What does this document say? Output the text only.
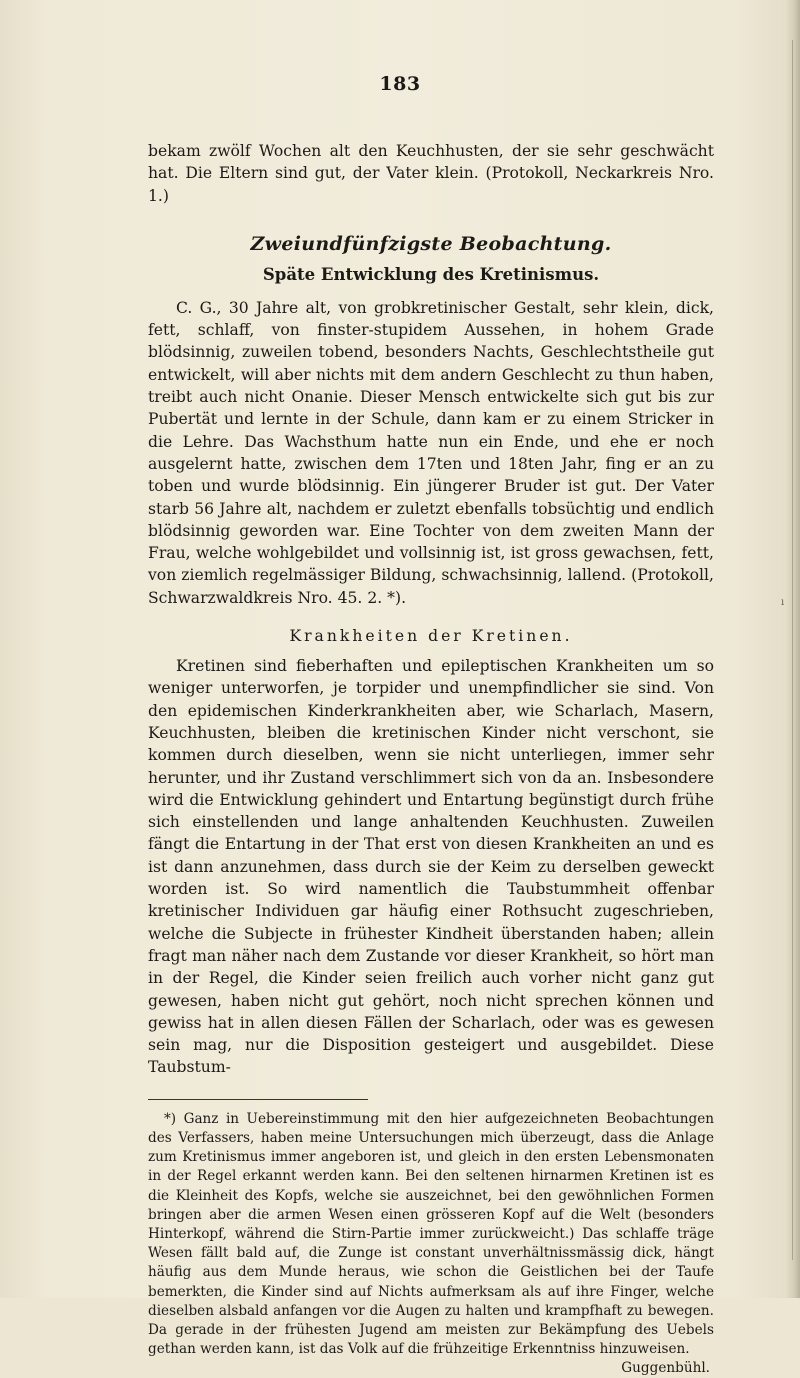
183

bekam zwölf Wochen alt den Keuchhusten, der sie sehr geschwächt hat. Die Eltern sind gut, der Vater klein. (Protokoll, Neckarkreis Nro. 1.)

Zweiundfünfzigste Beobachtung.
Späte Entwicklung des Kretinismus.

C. G., 30 Jahre alt, von grobkretinischer Gestalt, sehr klein, dick, fett, schlaff, von finster-stupidem Aussehen, in hohem Grade blödsinnig, zuweilen tobend, besonders Nachts, Geschlechtstheile gut entwickelt, will aber nichts mit dem andern Geschlecht zu thun haben, treibt auch nicht Onanie. Dieser Mensch entwickelte sich gut bis zur Pubertät und lernte in der Schule, dann kam er zu einem Stricker in die Lehre. Das Wachsthum hatte nun ein Ende, und ehe er noch ausgelernt hatte, zwischen dem 17ten und 18ten Jahr, fing er an zu toben und wurde blödsinnig. Ein jüngerer Bruder ist gut. Der Vater starb 56 Jahre alt, nachdem er zuletzt ebenfalls tobsüchtig und endlich blödsinnig geworden war. Eine Tochter von dem zweiten Mann der Frau, welche wohlgebildet und vollsinnig ist, ist gross gewachsen, fett, von ziemlich regelmässiger Bildung, schwachsinnig, lallend. (Protokoll, Schwarzwaldkreis Nro. 45. 2. *).

Krankheiten der Kretinen.

Kretinen sind fieberhaften und epileptischen Krankheiten um so weniger unterworfen, je torpider und unempfindlicher sie sind. Von den epidemischen Kinderkrankheiten aber, wie Scharlach, Masern, Keuchhusten, bleiben die kretinischen Kinder nicht verschont, sie kommen durch dieselben, wenn sie nicht unterliegen, immer sehr herunter, und ihr Zustand verschlimmert sich von da an. Insbesondere wird die Entwicklung gehindert und Entartung begünstigt durch frühe sich einstellenden und lange anhaltenden Keuchhusten. Zuweilen fängt die Entartung in der That erst von diesen Krankheiten an und es ist dann anzunehmen, dass durch sie der Keim zu derselben geweckt worden ist. So wird namentlich die Taubstummheit offenbar kretinischer Individuen gar häufig einer Rothsucht zugeschrieben, welche die Subjecte in frühester Kindheit überstanden haben; allein fragt man näher nach dem Zustande vor dieser Krankheit, so hört man in der Regel, die Kinder seien freilich auch vorher nicht ganz gut gewesen, haben nicht gut gehört, noch nicht sprechen können und gewiss hat in allen diesen Fällen der Scharlach, oder was es gewesen sein mag, nur die Disposition gesteigert und ausgebildet. Diese Taubstum-

*) Ganz in Uebereinstimmung mit den hier aufgezeichneten Beobachtungen des Verfassers, haben meine Untersuchungen mich überzeugt, dass die Anlage zum Kretinismus immer angeboren ist, und gleich in den ersten Lebensmonaten in der Regel erkannt werden kann. Bei den seltenen hirnarmen Kretinen ist es die Kleinheit des Kopfs, welche sie auszeichnet, bei den gewöhnlichen Formen bringen aber die armen Wesen einen grösseren Kopf auf die Welt (besonders Hinterkopf, während die Stirn-Partie immer zurückweicht.) Das schlaffe träge Wesen fällt bald auf, die Zunge ist constant unverhältnissmässig dick, hängt häufig aus dem Munde heraus, wie schon die Geistlichen bei der Taufe bemerkten, die Kinder sind auf Nichts aufmerksam als auf ihre Finger, welche dieselben alsbald anfangen vor die Augen zu halten und krampfhaft zu bewegen. Da gerade in der frühesten Jugend am meisten zur Bekämpfung des Uebels gethan werden kann, ist das Volk auf die frühzeitige Erkenntniss hinzuweisen.

Guggenbühl.

ı
